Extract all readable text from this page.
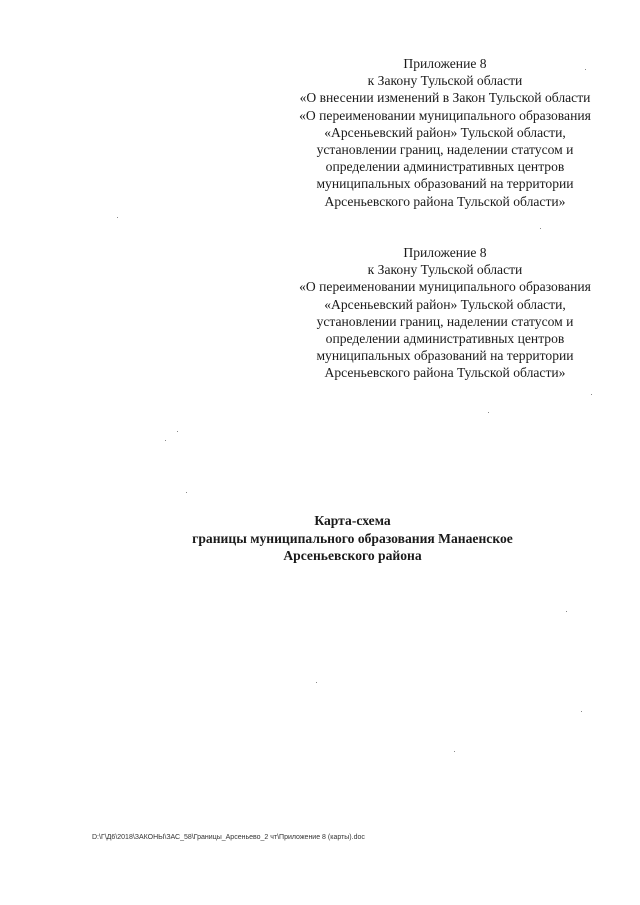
Приложение 8
к Закону Тульской области
«О внесении изменений в Закон Тульской области
«О переименовании муниципального образования
«Арсеньевский район» Тульской области,
установлении границ, наделении статусом и
определении административных центров
муниципальных образований на территории
Арсеньевского района Тульской области»
Приложение 8
к Закону Тульской области
«О переименовании муниципального образования
«Арсеньевский район» Тульской области,
установлении границ, наделении статусом и
определении административных центров
муниципальных образований на территории
Арсеньевского района Тульской области»
Карта-схема
границы муниципального образования Манаенское
Арсеньевского района
D:\Г\Д6\2018\ЗАКОНЫ\ЗАС_58\Границы_Арсеньево_2 чт\Приложение 8 (карты).doc
